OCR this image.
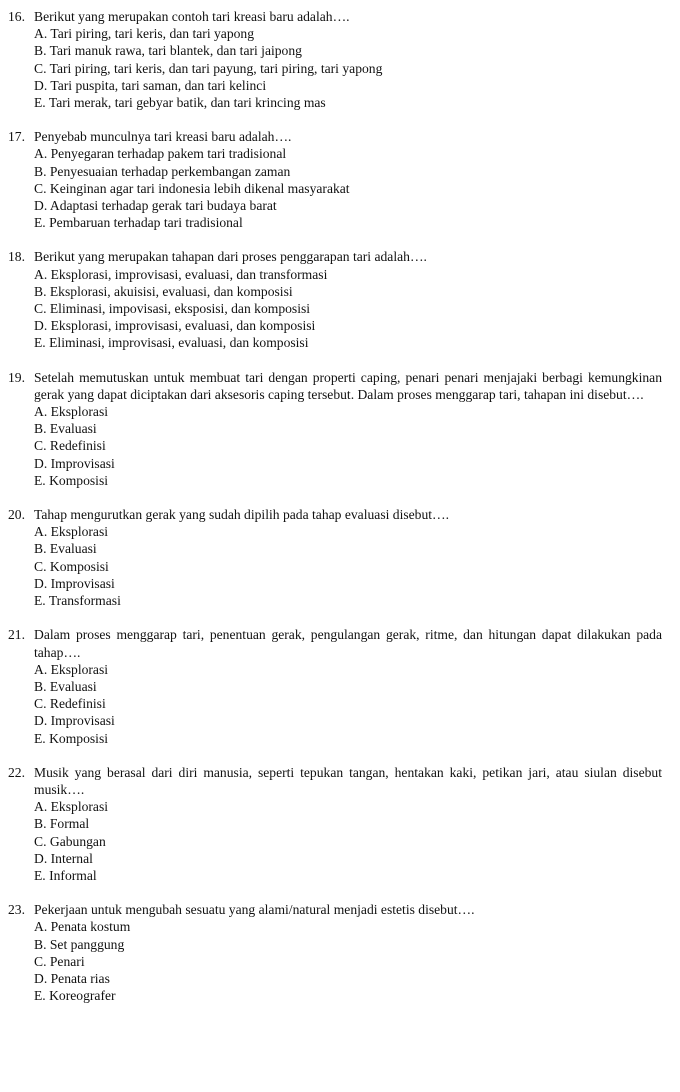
16. Berikut yang merupakan contoh tari kreasi baru adalah….
A. Tari piring, tari keris, dan tari yapong
B. Tari manuk rawa, tari blantek, dan tari jaipong
C. Tari piring, tari keris, dan tari payung, tari piring, tari yapong
D. Tari puspita, tari saman, dan tari kelinci
E. Tari merak, tari gebyar batik, dan tari krincing mas
17. Penyebab munculnya tari kreasi baru adalah….
A. Penyegaran terhadap pakem tari tradisional
B. Penyesuaian terhadap perkembangan zaman
C. Keinginan agar tari indonesia lebih dikenal masyarakat
D. Adaptasi terhadap gerak tari budaya barat
E. Pembaruan terhadap tari tradisional
18. Berikut yang merupakan tahapan dari proses penggarapan tari adalah….
A. Eksplorasi, improvisasi, evaluasi, dan transformasi
B. Eksplorasi, akuisisi, evaluasi, dan komposisi
C. Eliminasi, impovisasi, eksposisi, dan komposisi
D. Eksplorasi, improvisasi, evaluasi, dan komposisi
E. Eliminasi, improvisasi, evaluasi, dan komposisi
19. Setelah memutuskan untuk membuat tari dengan properti caping, penari penari menjajaki berbagi kemungkinan gerak yang dapat diciptakan dari aksesoris caping tersebut. Dalam proses menggarap tari, tahapan ini disebut….
A. Eksplorasi
B. Evaluasi
C. Redefinisi
D. Improvisasi
E. Komposisi
20. Tahap mengurutkan gerak yang sudah dipilih pada tahap evaluasi disebut….
A. Eksplorasi
B. Evaluasi
C. Komposisi
D. Improvisasi
E. Transformasi
21. Dalam proses menggarap tari, penentuan gerak, pengulangan gerak, ritme, dan hitungan dapat dilakukan pada tahap….
A. Eksplorasi
B. Evaluasi
C. Redefinisi
D. Improvisasi
E. Komposisi
22. Musik yang berasal dari diri manusia, seperti tepukan tangan, hentakan kaki, petikan jari, atau siulan disebut musik….
A. Eksplorasi
B. Formal
C. Gabungan
D. Internal
E. Informal
23. Pekerjaan untuk mengubah sesuatu yang alami/natural menjadi estetis disebut….
A. Penata kostum
B. Set panggung
C. Penari
D. Penata rias
E. Koreografer
